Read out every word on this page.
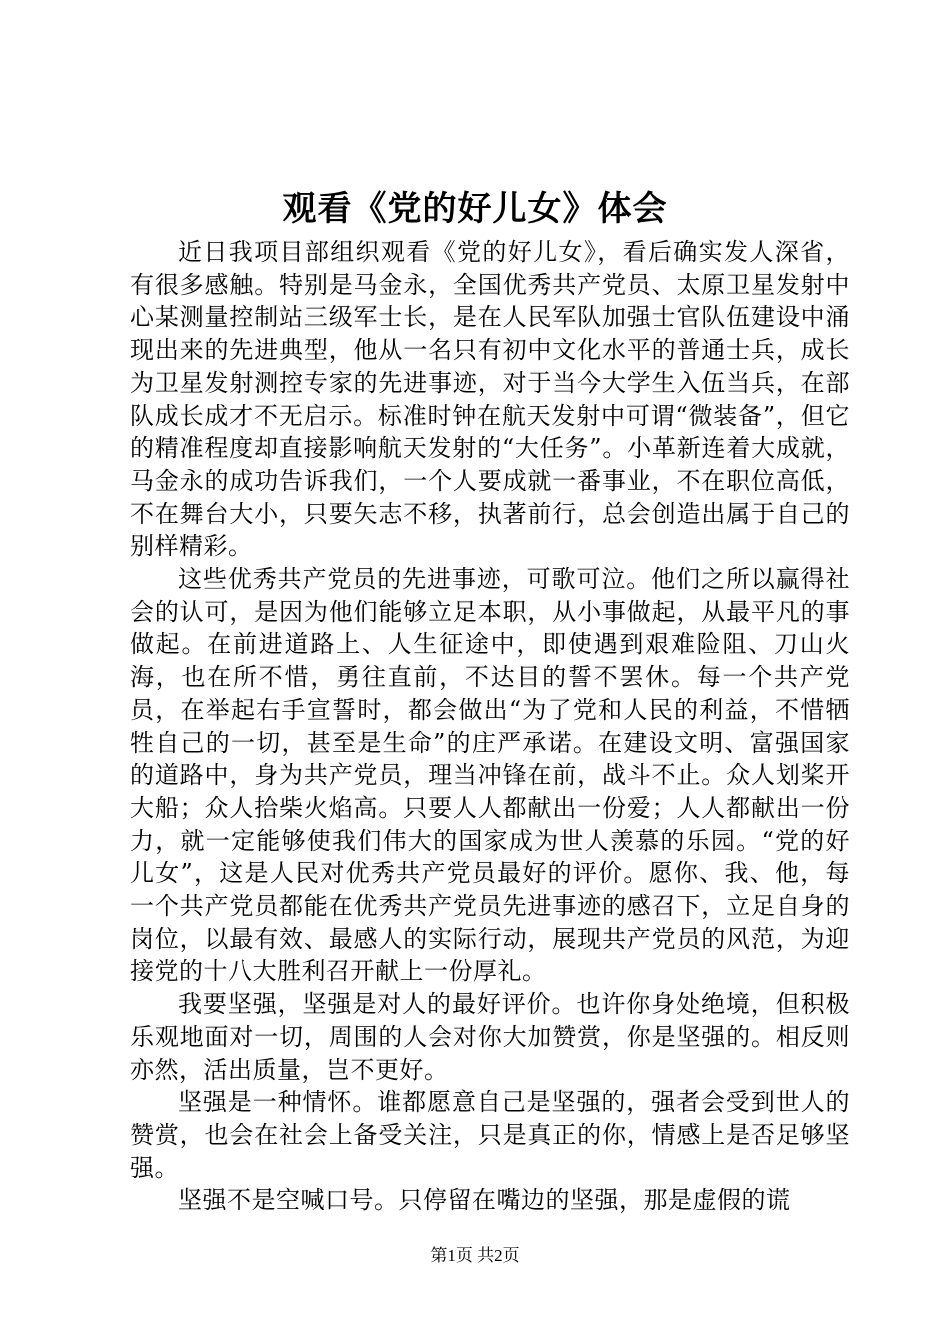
观看《党的好儿女》体会

近日我项目部组织观看《党的好儿女》，看后确实发人深省，有很多感触。特别是马金永，全国优秀共产党员、太原卫星发射中心某测量控制站三级军士长，是在人民军队加强士官队伍建设中涌现出来的先进典型，他从一名只有初中文化水平的普通士兵，成长为卫星发射测控专家的先进事迹，对于当今大学生入伍当兵，在部队成长成才不无启示。标准时钟在航天发射中可谓“微装备”，但它的精准程度却直接影响航天发射的“大任务”。小革新连着大成就，马金永的成功告诉我们，一个人要成就一番事业，不在职位高低，不在舞台大小，只要矢志不移，执著前行，总会创造出属于自己的别样精彩。

这些优秀共产党员的先进事迹，可歌可泣。他们之所以赢得社会的认可，是因为他们能够立足本职，从小事做起，从最平凡的事做起。在前进道路上、人生征途中，即使遇到艰难险阻、刀山火海，也在所不惜，勇往直前，不达目的誓不罢休。每一个共产党员，在举起右手宣誓时，都会做出“为了党和人民的利益，不惜牺牲自己的一切，甚至是生命”的庄严承诺。在建设文明、富强国家的道路中，身为共产党员，理当冲锋在前，战斗不止。众人划桨开大船；众人拾柴火焰高。只要人人都献出一份爱；人人都献出一份力，就一定能够使我们伟大的国家成为世人羡慕的乐园。“党的好儿女”，这是人民对优秀共产党员最好的评价。愿你、我、他，每一个共产党员都能在优秀共产党员先进事迹的感召下，立足自身的岗位，以最有效、最感人的实际行动，展现共产党员的风范，为迎接党的十八大胜利召开献上一份厚礼。

我要坚强，坚强是对人的最好评价。也许你身处绝境，但积极乐观地面对一切，周围的人会对你大加赞赏，你是坚强的。相反则亦然，活出质量，岂不更好。

坚强是一种情怀。谁都愿意自己是坚强的，强者会受到世人的赞赏，也会在社会上备受关注，只是真正的你，情感上是否足够坚强。

坚强不是空喊口号。只停留在嘴边的坚强，那是虚假的谎

第1页 共2页
